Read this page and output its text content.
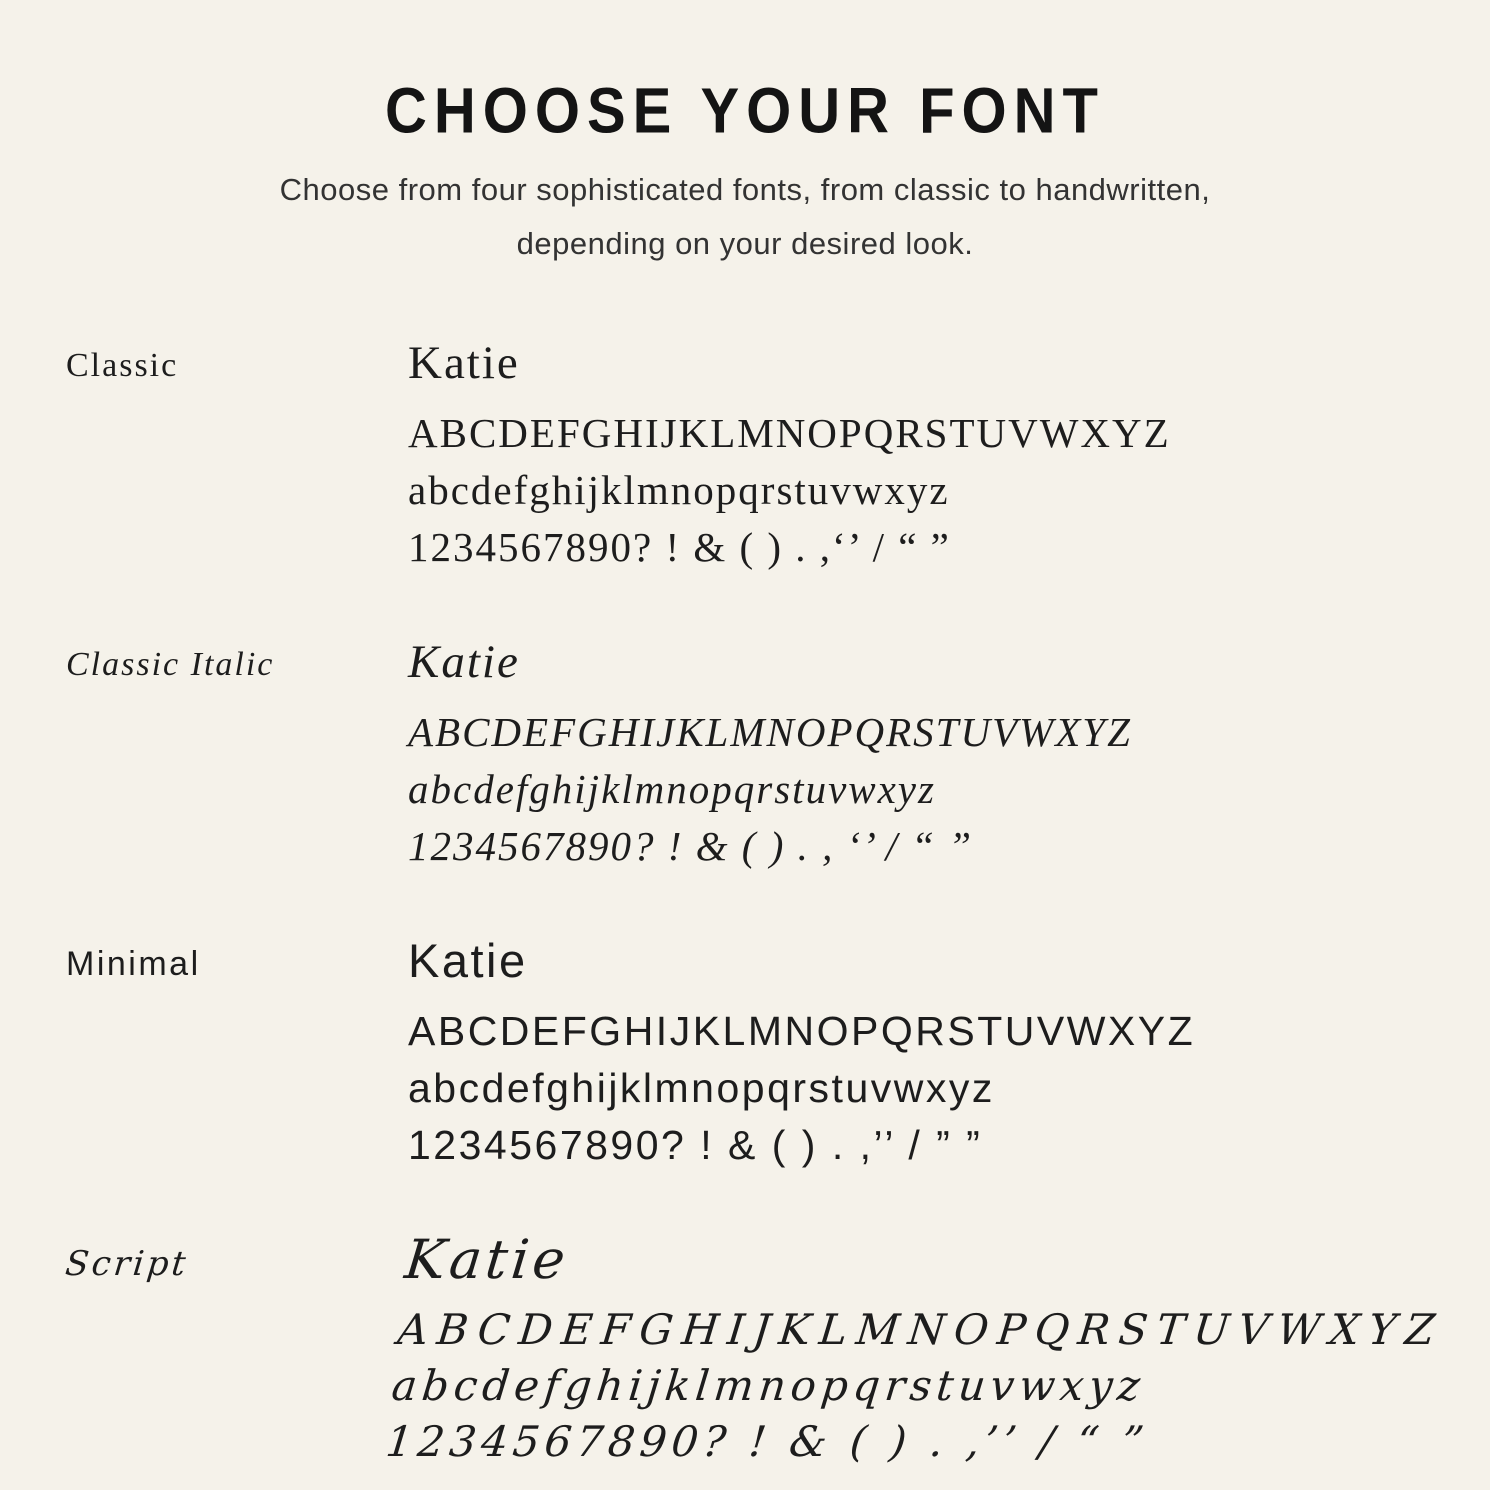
CHOOSE YOUR FONT

Choose from four sophisticated fonts, from classic to handwritten,

depending on your desired look.

Classic	Katie
ABCDEFGHIJKLMNOPQRSTUVWXYZ
abcdefghijklmnopqrstuvwxyz
1234567890? ! & ( ) . ,‘’ / “ ”
Classic Italic	Katie
ABCDEFGHIJKLMNOPQRSTUVWXYZ
abcdefghijklmnopqrstuvwxyz
1234567890? ! & ( ) . , ‘’ / “ ”
Minimal	Katie
ABCDEFGHIJKLMNOPQRSTUVWXYZ
abcdefghijklmnopqrstuvwxyz
1234567890? ! & ( ) . ,’’ / ” ”
Script	Katie
ABCDEFGHIJKLMNOPQRSTUVWXYZ
abcdefghijklmnopqrstuvwxyz
1234567890? ! & ( ) . ,’’ / “ ”
